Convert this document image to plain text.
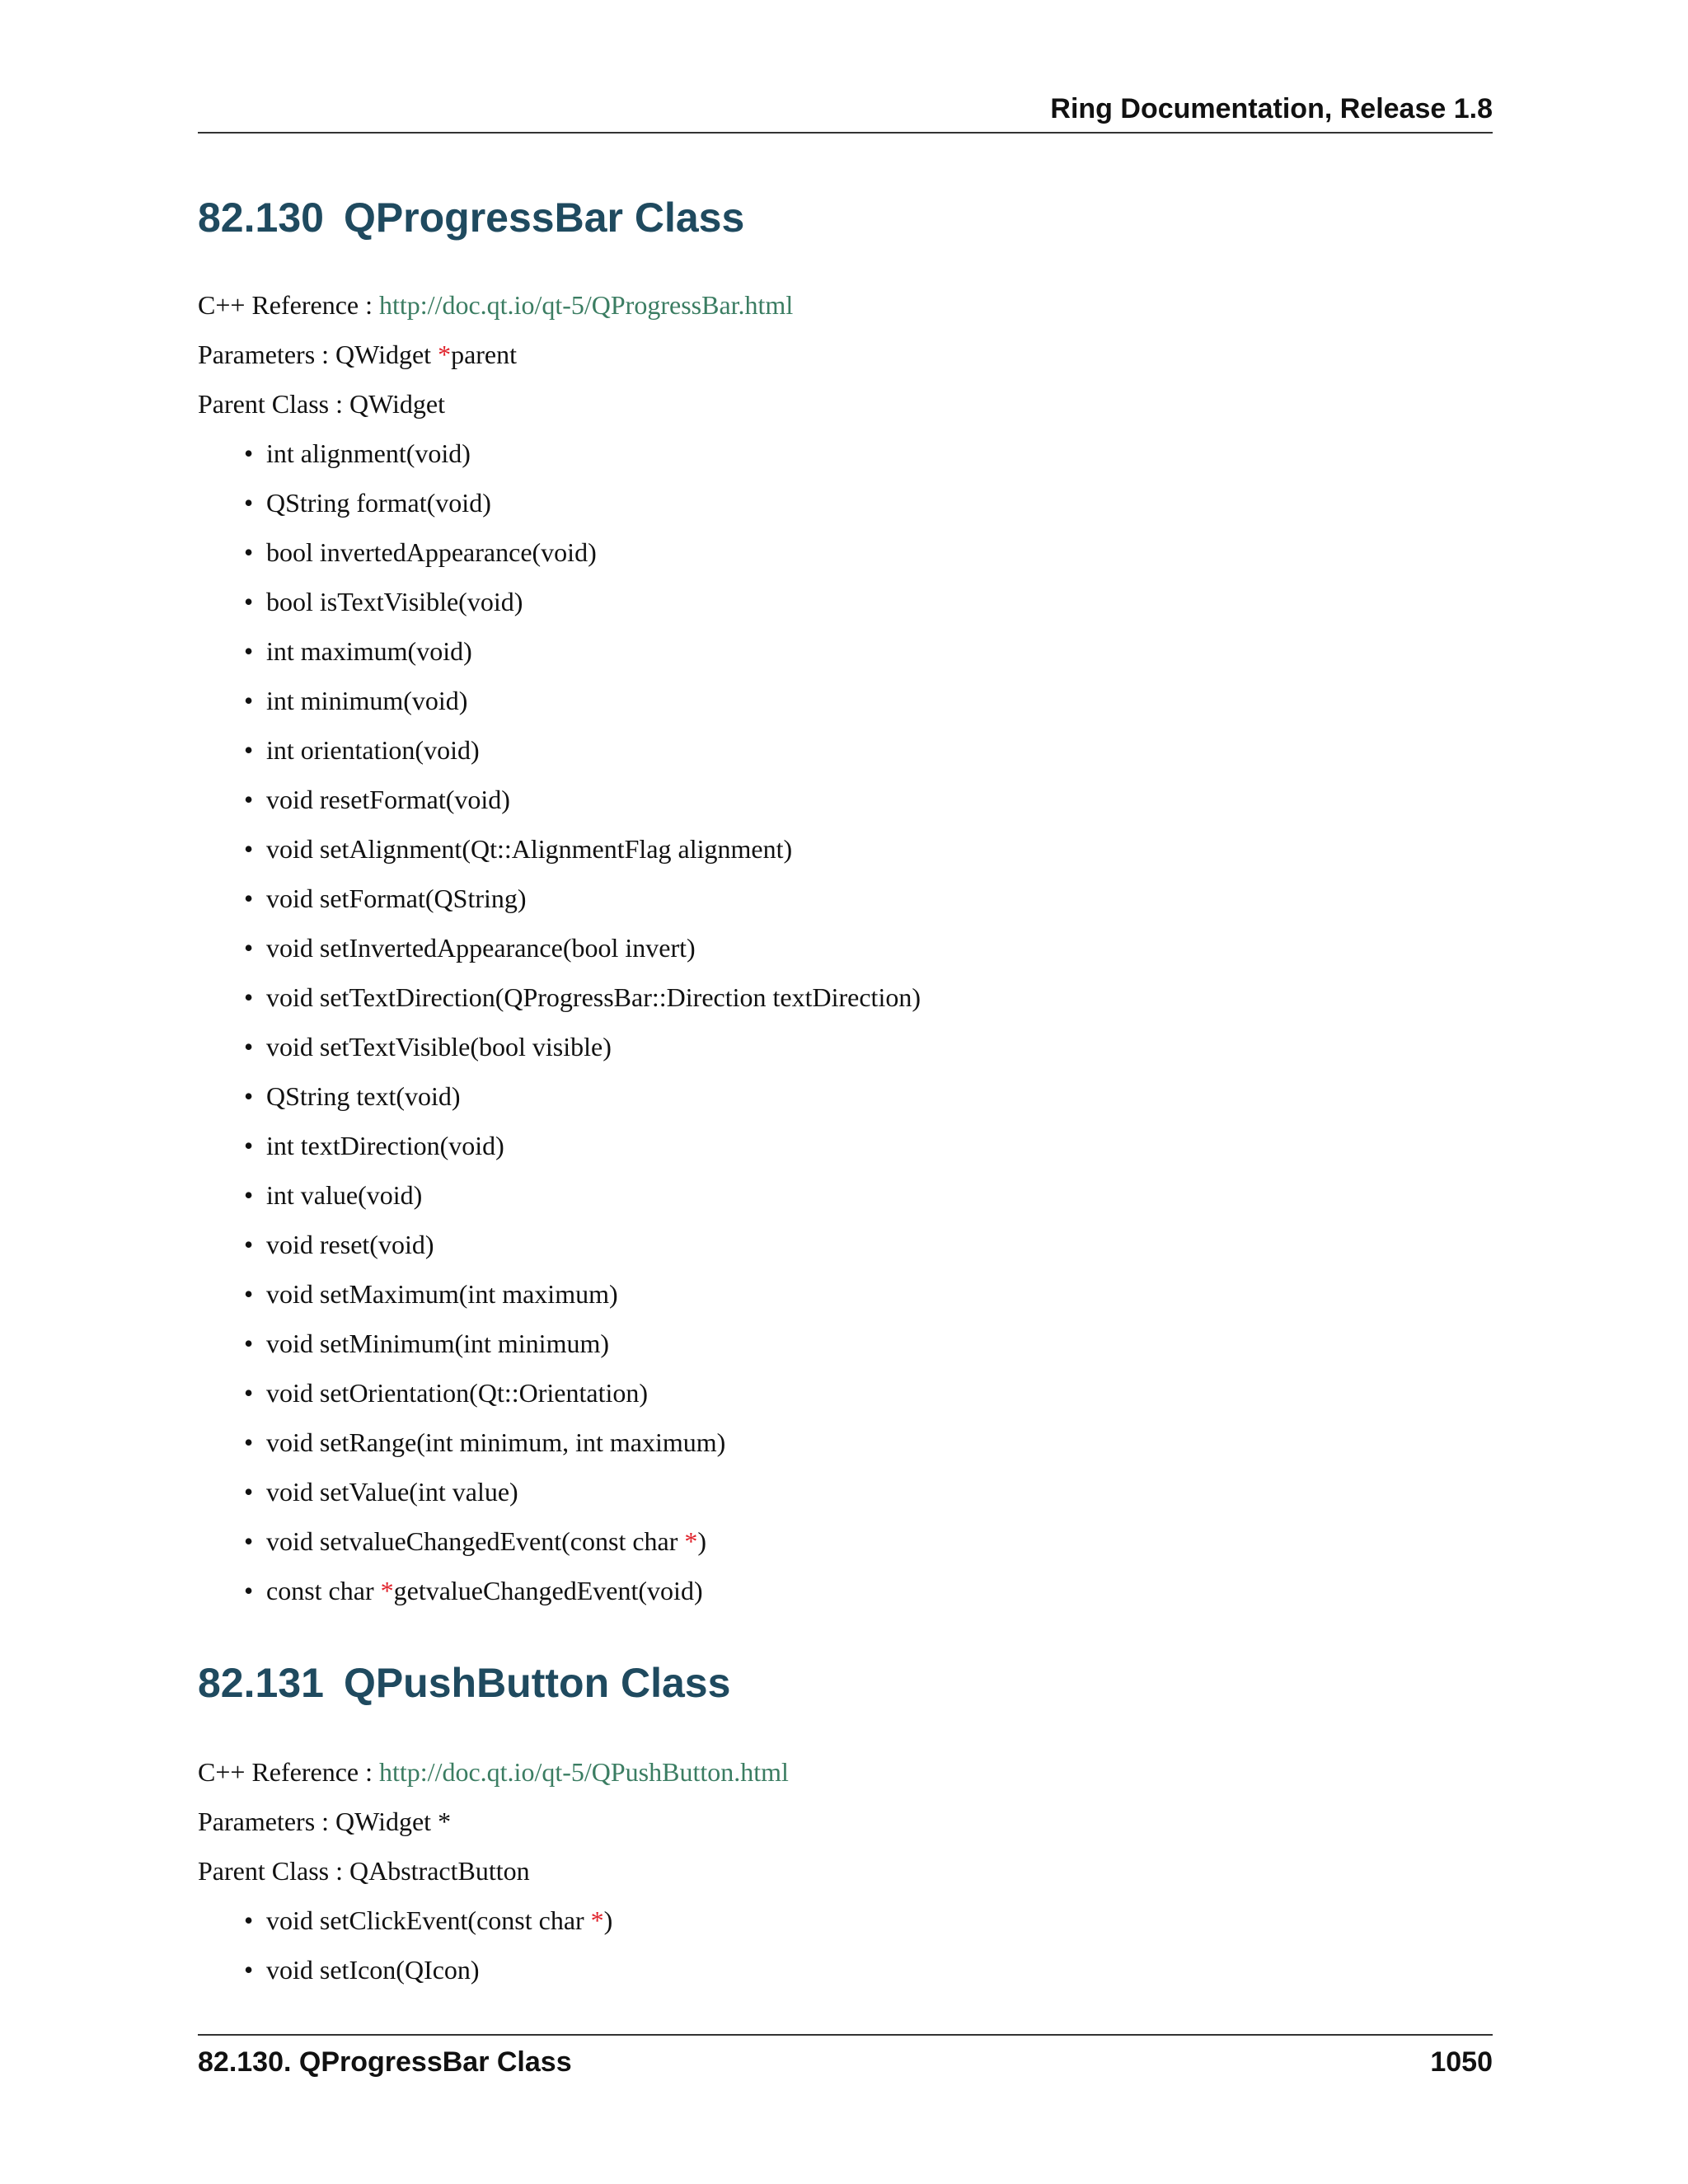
Ring Documentation, Release 1.8
82.130 QProgressBar Class
C++ Reference : http://doc.qt.io/qt-5/QProgressBar.html
Parameters : QWidget *parent
Parent Class : QWidget
• int alignment(void)
• QString format(void)
• bool invertedAppearance(void)
• bool isTextVisible(void)
• int maximum(void)
• int minimum(void)
• int orientation(void)
• void resetFormat(void)
• void setAlignment(Qt::AlignmentFlag alignment)
• void setFormat(QString)
• void setInvertedAppearance(bool invert)
• void setTextDirection(QProgressBar::Direction textDirection)
• void setTextVisible(bool visible)
• QString text(void)
• int textDirection(void)
• int value(void)
• void reset(void)
• void setMaximum(int maximum)
• void setMinimum(int minimum)
• void setOrientation(Qt::Orientation)
• void setRange(int minimum, int maximum)
• void setValue(int value)
• void setvalueChangedEvent(const char *)
• const char *getvalueChangedEvent(void)
82.131 QPushButton Class
C++ Reference : http://doc.qt.io/qt-5/QPushButton.html
Parameters : QWidget *
Parent Class : QAbstractButton
• void setClickEvent(const char *)
• void setIcon(QIcon)
82.130. QProgressBar Class	1050
